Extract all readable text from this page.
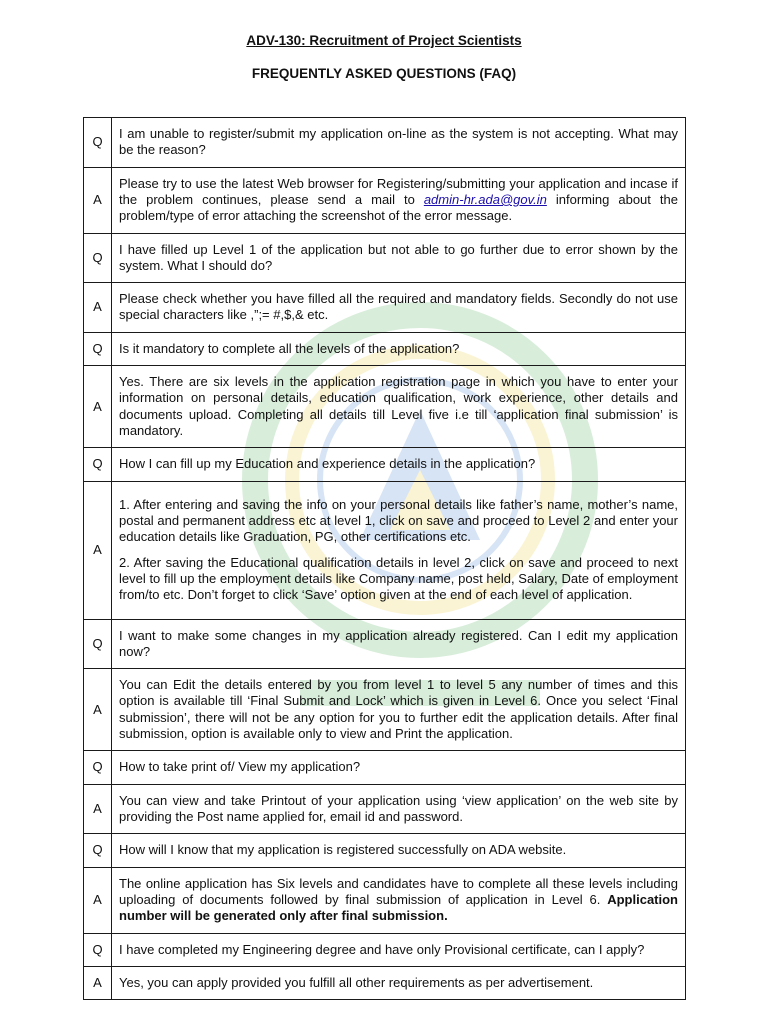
ADV-130: Recruitment of Project Scientists
FREQUENTLY ASKED QUESTIONS (FAQ)
Q	I am unable to register/submit my application on-line as the system is not accepting. What may be the reason?
A	Please try to use the latest Web browser for Registering/submitting your application and incase if the problem continues, please send a mail to admin-hr.ada@gov.in informing about the problem/type of error attaching the screenshot of the error message.
Q	I have filled up Level 1 of the application but not able to go further due to error shown by the system. What I should do?
A	Please check whether you have filled all the required and mandatory fields. Secondly do not use special characters like ,”;= #,$,& etc.
Q	Is it mandatory to complete all the levels of the application?
A	Yes. There are six levels in the application registration page in which you have to enter your information on personal details, education qualification, work experience, other details and documents upload. Completing all details till Level five i.e till ‘application final submission’ is mandatory.
Q	How I can fill up my Education and experience details in the application?
A	1. After entering and saving the info on your personal details like father’s name, mother’s name, postal and permanent address etc at level 1, click on save and proceed to Level 2 and enter your education details like Graduation, PG, other certifications etc.

2. After saving the Educational qualification details in level 2, click on save and proceed to next level to fill up the employment details like Company name, post held, Salary, Date of employment from/to etc. Don’t forget to click ‘Save’ option given at the end of each level of application.

Q	I want to make some changes in my application already registered. Can I edit my application now?
A	You can Edit the details entered by you from level 1 to level 5 any number of times and this option is available till ‘Final Submit and Lock’ which is given in Level 6. Once you select ‘Final submission’, there will not be any option for you to further edit the application details. After final submission, option is available only to view and Print the application.
Q	How to take print of/ View my application?
A	You can view and take Printout of your application using ‘view application’ on the web site by providing the Post name applied for, email id and password.
Q	How will I know that my application is registered successfully on ADA website.
A	The online application has Six levels and candidates have to complete all these levels including uploading of documents followed by final submission of application in Level 6. Application number will be generated only after final submission.
Q	I have completed my Engineering degree and have only Provisional certificate, can I apply?
A	Yes, you can apply provided you fulfill all other requirements as per advertisement.
